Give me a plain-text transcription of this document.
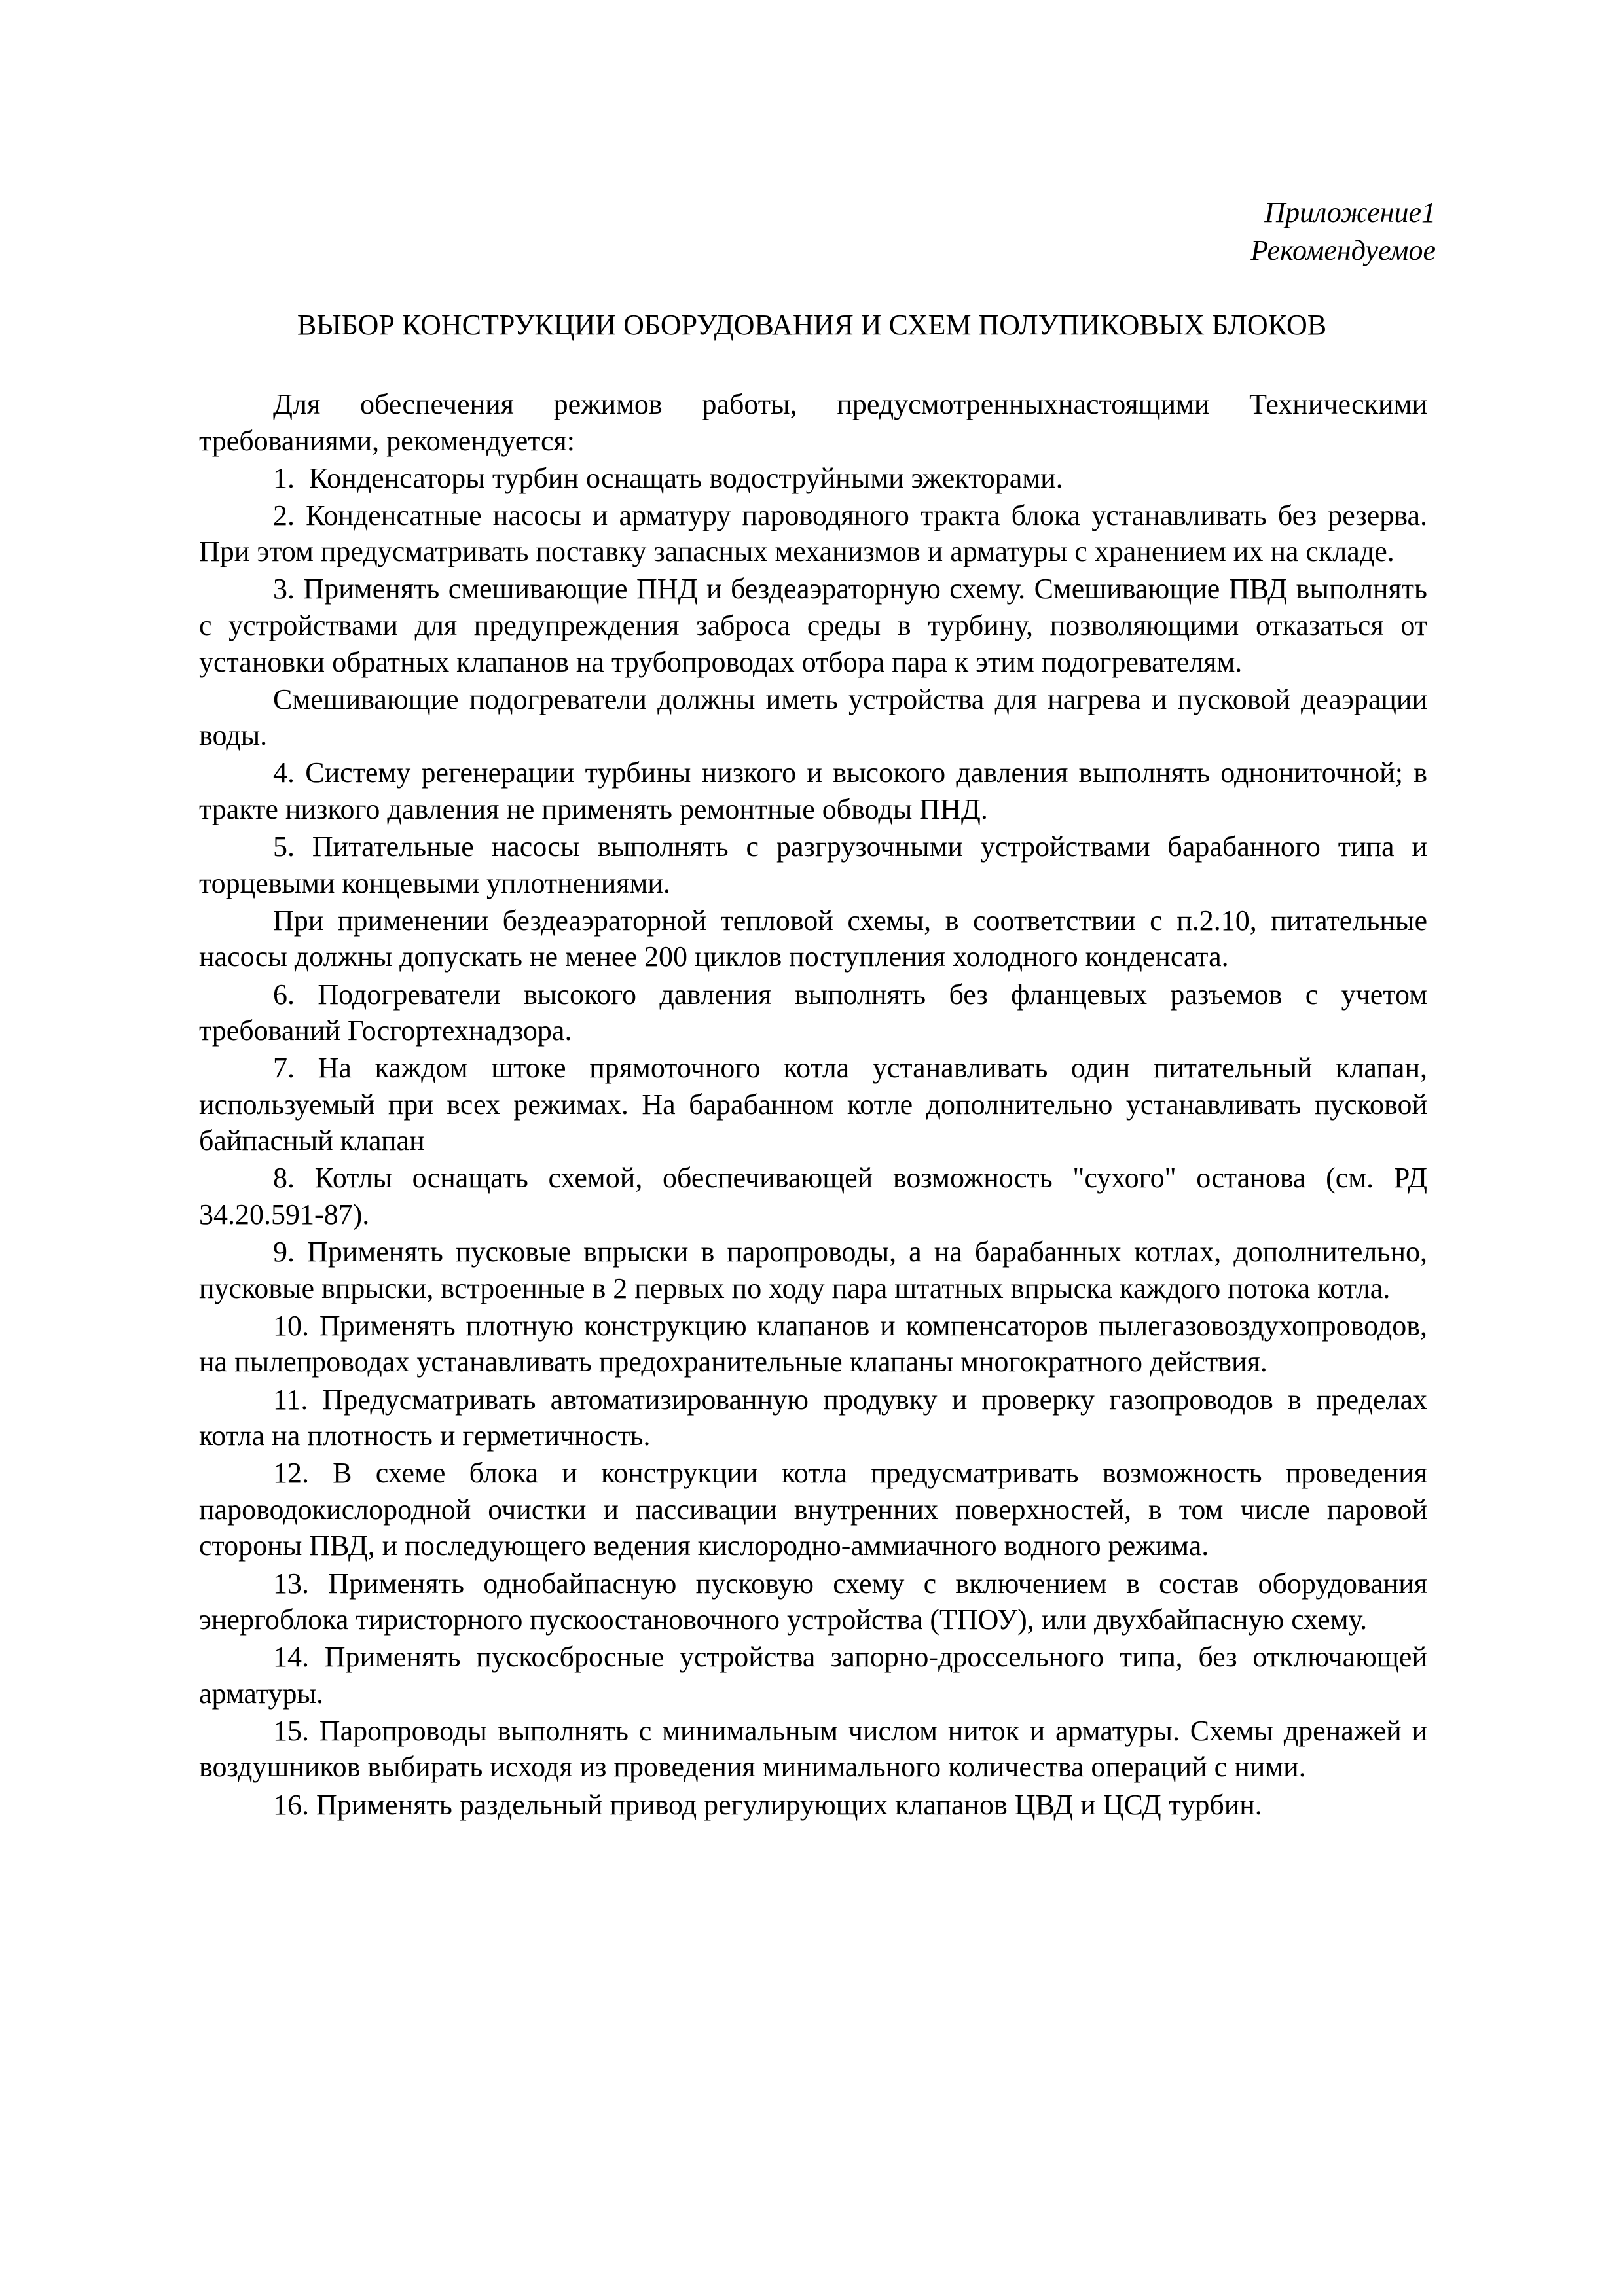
Приложение1
Рекомендуемое
ВЫБОР КОНСТРУКЦИИ ОБОРУДОВАНИЯ И СХЕМ ПОЛУПИКОВЫХ БЛОКОВ

Для обеспечения режимов работы, предусмотренныхнастоящими Техническими требованиями, рекомендуется:

1.  Конденсаторы турбин оснащать водоструйными эжекторами.

2. Конденсатные насосы и арматуру пароводяного тракта блока устанавливать без резерва. При этом предусматривать поставку запасных механизмов и арматуры с хранением их на складе.

3. Применять смешивающие ПНД и бездеаэраторную схему. Смешивающие ПВД выполнять с устройствами для предупреждения заброса среды в турбину, позволяющими отказаться от установки обратных клапанов на трубопроводах отбора пара к этим подогревателям.

Смешивающие подогреватели должны иметь устройства для нагрева и пусковой деаэрации воды.

4. Систему регенерации турбины низкого и высокого давления выполнять однониточной; в тракте низкого давления не применять ремонтные обводы ПНД.

5. Питательные насосы выполнять с разгрузочными устройствами барабанного типа и торцевыми концевыми уплотнениями.

При применении бездеаэраторной тепловой схемы, в соответствии с п.2.10, питательные насосы должны допускать не менее 200 циклов поступления холодного конденсата.

6. Подогреватели высокого давления выполнять без фланцевых разъемов с учетом требований Госгортехнадзора.

7. На каждом штоке прямоточного котла устанавливать один питательный клапан, используемый при всех режимах. На барабанном котле дополнительно устанавливать пусковой байпасный клапан

8. Котлы оснащать схемой, обеспечивающей возможность "сухого" останова (см. РД 34.20.591-87).

9. Применять пусковые впрыски в паропроводы, а на барабанных котлах, дополнительно, пусковые впрыски, встроенные в 2 первых по ходу пара штатных впрыска каждого потока котла.

10. Применять плотную конструкцию клапанов и компенсаторов пылегазовоздухопроводов, на пылепроводах устанавливать предохранительные клапаны многократного действия.

11. Предусматривать автоматизированную продувку и проверку газопроводов в пределах котла на плотность и герметичность.

12. В схеме блока и конструкции котла предусматривать возможность проведения пароводокислородной очистки и пассивации внутренних поверхностей, в том числе паровой стороны ПВД, и последующего ведения кислородно-аммиачного водного режима.

13. Применять однобайпасную пусковую схему с включением в состав оборудования энергоблока тиристорного пускоостановочного устройства (ТПОУ), или двухбайпасную схему.

14. Применять пускосбросные устройства запорно-дроссельного типа, без отключающей арматуры.

15. Паропроводы выполнять с минимальным числом ниток и арматуры. Схемы дренажей и воздушников выбирать исходя из проведения минимального количества операций с ними.

16. Применять раздельный привод регулирующих клапанов ЦВД и ЦСД турбин.
